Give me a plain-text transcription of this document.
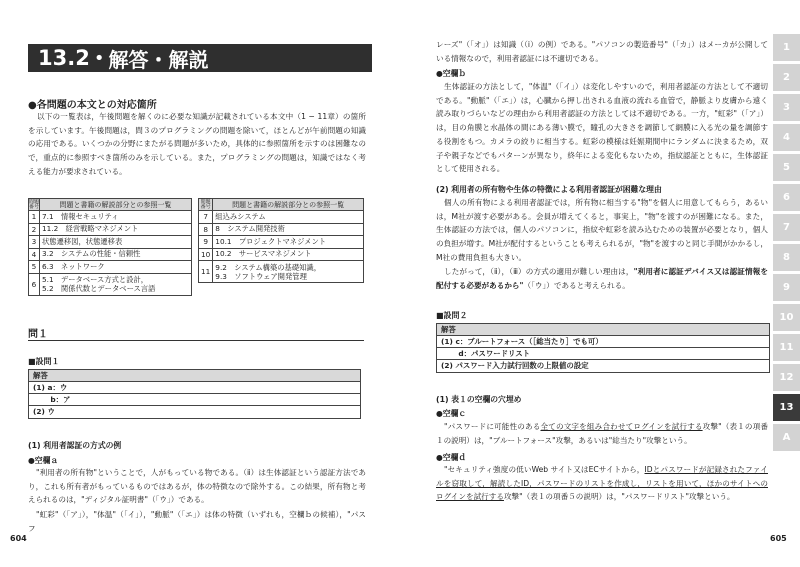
13.2 • 解答・解説
●各問題の本文との対応箇所
以下の一覧表は，午後問題を解くのに必要な知識が記載されている本文中（1 − 11章）の箇所を示しています。午後問題は，問３のプログラミングの問題を除いて，ほとんどが午前問題の知識の応用である。いくつかの分野にまたがる問題が多いため，具体的に参照箇所を示すのは困難なので，重点的に参照すべき箇所のみを示している。また，プログラミングの問題は，知識ではなく考える能力が要求されている。
問題番号	問題と書籍の解説部分との参照一覧
1	7.1　情報セキュリティ
2	11.2　経営戦略マネジメント
3	状態遷移図，状態遷移表
4	3.2　システムの性能・信頼性
5	6.3　ネットワーク
6	5.1　データベース方式と設計，
5.2　関係代数とデータベース言語
問題番号	問題と書籍の解説部分との参照一覧
7	組込みシステム
8	8　システム開発技術
9	10.1　プロジェクトマネジメント
10	10.2　サービスマネジメント
11	9.2　システム構築の基礎知識，
9.3　ソフトウェア開発管理
問１
■設問１
解答
(1) a：ウ
　　 b：ア
(2) ウ
(1) 利用者認証の方式の例
●空欄ａ
"利用者の所有物"ということで，人がもっている物である。（ⅱ）は生体認証という認証方法であり，これも所有者がもっているものではあるが，体の特徴なので除外する。この結果，所有物と考えられるのは，"ディジタル証明書"（「ウ」）である。
"虹彩"（「ア」），"体温"（「イ」），"動脈"（「エ」）は体の特徴（いずれも，空欄ｂの候補），"パスフ
604	605
レーズ"（「オ」）は知識（（ⅰ）の例）である。"パソコンの製造番号"（「カ」）はメーカが公開している情報なので，利用者認証には不適切である。
●空欄ｂ
生体認証の方法として，"体温"（「イ」）は変化しやすいので，利用者認証の方法として不適切である。"動脈"（「エ」）は，心臓から押し出される血液の流れる血管で，静脈より皮膚から遠く読み取りづらいなどの理由から利用者認証の方法としては不適切である。一方，"虹彩"（「ア」）は，目の角膜と水晶体の間にある薄い膜で，瞳孔の大きさを調節して網膜に入る光の量を調節する役割をもつ。カメラの絞りに相当する。虹彩の模様は妊娠期間中にランダムに決まるため，双子や親子などでもパターンが異なり，終年による変化もないため，指紋認証とともに，生体認証として使用される。
(2) 利用者の所有物や生体の特徴による利用者認証が困難な理由
個人の所有物による利用者認証では，所有物に相当する"物"を個人に用意してもらう，あるいは，M社が渡す必要がある。会員が増えてくると，事実上，"物"を渡すのが困難になる。また，生体認証の方法では，個人のパソコンに，指紋や虹彩を読み込むための装置が必要となり，個人の負担が増す。M社が配付するということも考えられるが，"物"を渡すのと同じ手間がかかるし，M社の費用負担も大きい。
したがって，（ⅱ），（ⅲ）の方式の適用が難しい理由は，"利用者に認証デバイス又は認証情報を配付する必要があるから"（「ウ」）であると考えられる。
■設問２
解答
(1) c：ブルートフォース（［総当たり］でも可）
　　 d：パスワードリスト
(2) パスワード入力試行回数の上限値の設定
(1) 表１の空欄の穴埋め
●空欄ｃ
"パスワードに可能性のある全ての文字を組み合わせてログインを試行する攻撃"（表１の項番１の説明）は，"ブルートフォース"攻撃，あるいは"総当たり"攻撃という。
●空欄ｄ
"セキュリティ強度の低いWeb サイト又はECサイトから，IDとパスワードが記録されたファイルを窃取して，解読したID，パスワードのリストを作成し，リストを用いて，ほかのサイトへのログインを試行する攻撃"（表１の項番５の説明）は，"パスワードリスト"攻撃という。
1
2
3
4
5
6
7
8
9
10
11
12
13
A
